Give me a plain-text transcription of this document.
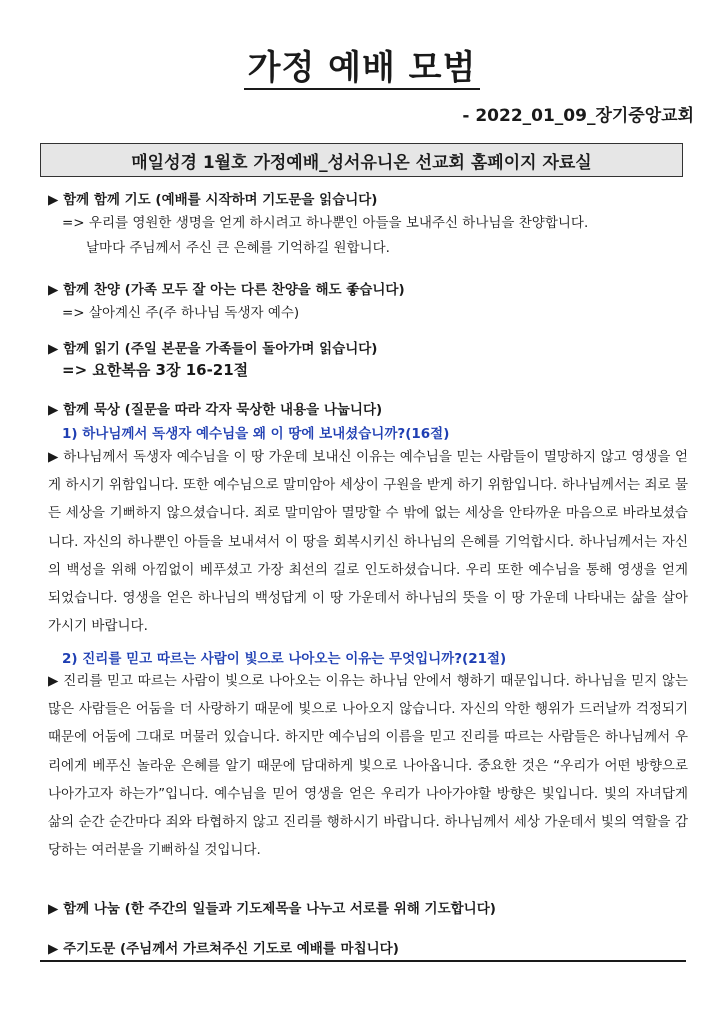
가정 예배 모범
- 2022_01_09_장기중앙교회
매일성경 1월호 가정예배_성서유니온 선교회 홈페이지 자료실
▶ 함께 함께 기도 (예배를 시작하며 기도문을 읽습니다)
=> 우리를 영원한 생명을 얻게 하시려고 하나뿐인 아들을 보내주신 하나님을 찬양합니다.
날마다 주님께서 주신 큰 은혜를 기억하길 원합니다.
▶ 함께 찬양 (가족 모두 잘 아는 다른 찬양을 해도 좋습니다)
=> 살아계신 주(주 하나님 독생자 예수)
▶ 함께 읽기 (주일 본문을 가족들이 돌아가며 읽습니다)
=> 요한복음 3장 16-21절
▶ 함께 묵상 (질문을 따라 각자 묵상한 내용을 나눕니다)
1) 하나님께서 독생자 예수님을 왜 이 땅에 보내셨습니까?(16절)
▶ 하나님께서 독생자 예수님을 이 땅 가운데 보내신 이유는 예수님을 믿는 사람들이 멸망하지 않고 영생을 얻게 하시기 위함입니다. 또한 예수님으로 말미암아 세상이 구원을 받게 하기 위함입니다. 하나님께서는 죄로 물든 세상을 기뻐하지 않으셨습니다. 죄로 말미암아 멸망할 수 밖에 없는 세상을 안타까운 마음으로 바라보셨습니다. 자신의 하나뿐인 아들을 보내셔서 이 땅을 회복시키신 하나님의 은혜를 기억합시다. 하나님께서는 자신의 백성을 위해 아낌없이 베푸셨고 가장 최선의 길로 인도하셨습니다. 우리 또한 예수님을 통해 영생을 얻게 되었습니다. 영생을 얻은 하나님의 백성답게 이 땅 가운데서 하나님의 뜻을 이 땅 가운데 나타내는 삶을 살아가시기 바랍니다.
2) 진리를 믿고 따르는 사람이 빛으로 나아오는 이유는 무엇입니까?(21절)
▶ 진리를 믿고 따르는 사람이 빛으로 나아오는 이유는 하나님 안에서 행하기 때문입니다. 하나님을 믿지 않는 많은 사람들은 어둠을 더 사랑하기 때문에 빛으로 나아오지 않습니다. 자신의 악한 행위가 드러날까 걱정되기 때문에 어둠에 그대로 머물러 있습니다. 하지만 예수님의 이름을 믿고 진리를 따르는 사람들은 하나님께서 우리에게 베푸신 놀라운 은혜를 알기 때문에 담대하게 빛으로 나아옵니다. 중요한 것은 “우리가 어떤 방향으로 나아가고자 하는가”입니다. 예수님을 믿어 영생을 얻은 우리가 나아가야할 방향은 빛입니다. 빛의 자녀답게 삶의 순간 순간마다 죄와 타협하지 않고 진리를 행하시기 바랍니다. 하나님께서 세상 가운데서 빛의 역할을 감당하는 여러분을 기뻐하실 것입니다.
▶ 함께 나눔 (한 주간의 일들과 기도제목을 나누고 서로를 위해 기도합니다)
▶ 주기도문 (주님께서 가르쳐주신 기도로 예배를 마칩니다)
